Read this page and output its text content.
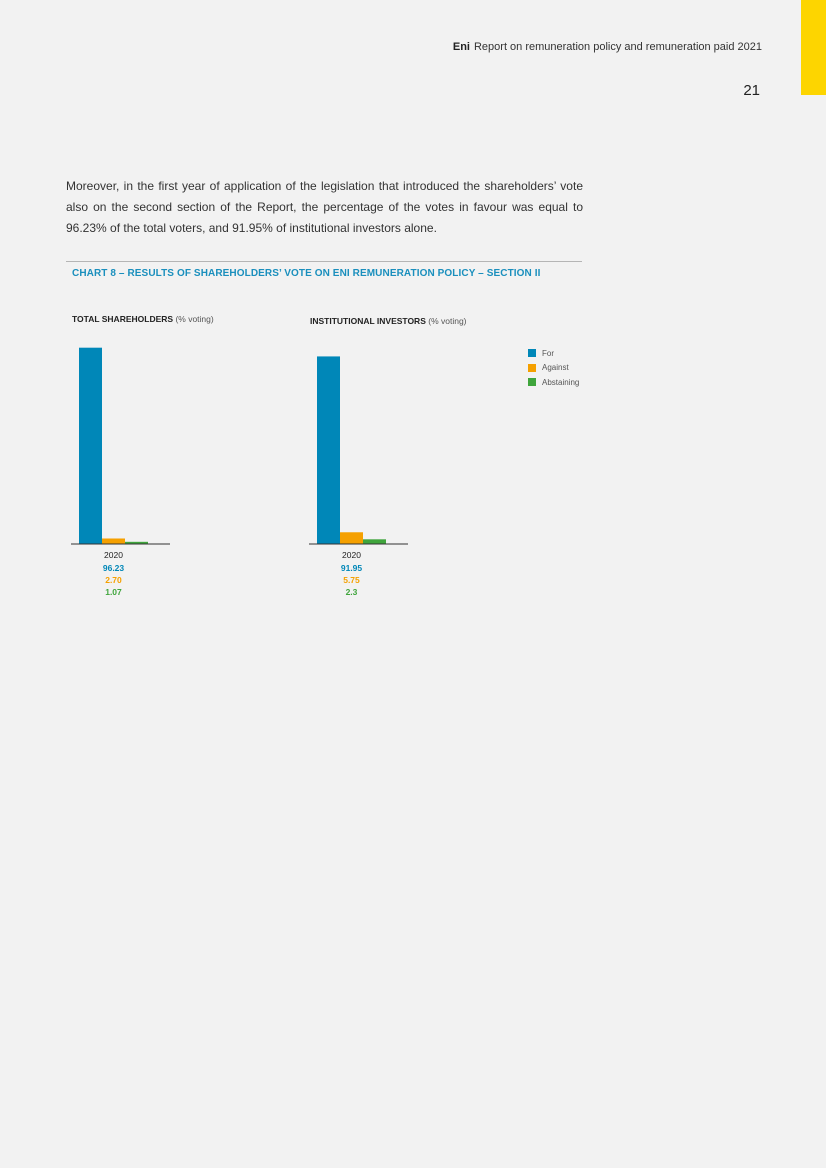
Eni Report on remuneration policy and remuneration paid 2021
21

Moreover, in the first year of application of the legislation that introduced the shareholders’ vote also on the second section of the Report, the percentage of the votes in favour was equal to 96.23% of the total voters, and 91.95% of institutional investors alone.

CHART 8 – RESULTS OF SHAREHOLDERS’ VOTE ON ENI REMUNERATION POLICY – SECTION II
TOTAL SHAREHOLDERS (% voting)	INSTITUTIONAL INVESTORS (% voting)
For
Against
Abstaining
96.23
2.70
1.07
2020
91.95
5.75
2.3
2020
